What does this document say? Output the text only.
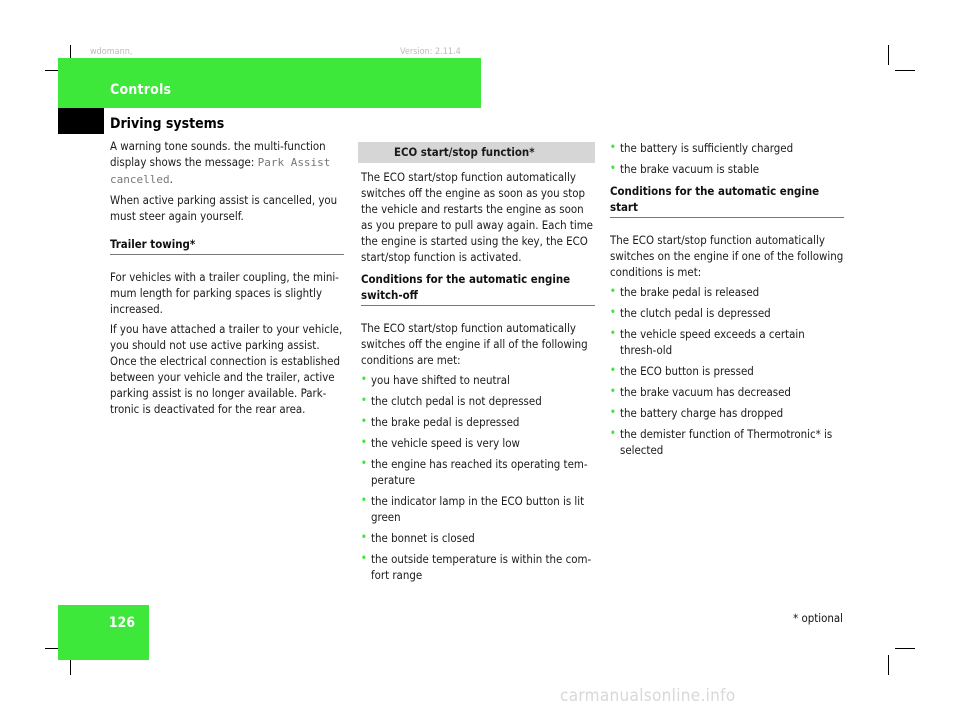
wdomann,	Version: 2.11.4
Controls
Driving systems

A warning tone sounds. the multi-function display shows the message: Park Assist cancelled.

When active parking assist is cancelled, you must steer again yourself.

Trailer towing*

For vehicles with a trailer coupling, the mini-mum length for parking spaces is slightly increased.

If you have attached a trailer to your vehicle, you should not use active parking assist. Once the electrical connection is established between your vehicle and the trailer, active parking assist is no longer available. Park-tronic is deactivated for the rear area.

ECO start/stop function*

The ECO start/stop function automatically switches off the engine as soon as you stop the vehicle and restarts the engine as soon as you prepare to pull away again. Each time the engine is started using the key, the ECO start/stop function is activated.

Conditions for the automatic engine switch-off

The ECO start/stop function automatically switches off the engine if all of the following conditions are met:

• you have shifted to neutral
• the clutch pedal is not depressed
• the brake pedal is depressed
• the vehicle speed is very low
• the engine has reached its operating tem-perature
• the indicator lamp in the ECO button is lit green
• the bonnet is closed
• the outside temperature is within the com-fort range
• the battery is sufficiently charged
• the brake vacuum is stable
Conditions for the automatic engine start

The ECO start/stop function automatically switches on the engine if one of the following conditions is met:

• the brake pedal is released
• the clutch pedal is depressed
• the vehicle speed exceeds a certain thresh-old
• the ECO button is pressed
• the brake vacuum has decreased
• the battery charge has dropped
• the demister function of Thermotronic* is selected
126	* optional
carmanualsonline.info
